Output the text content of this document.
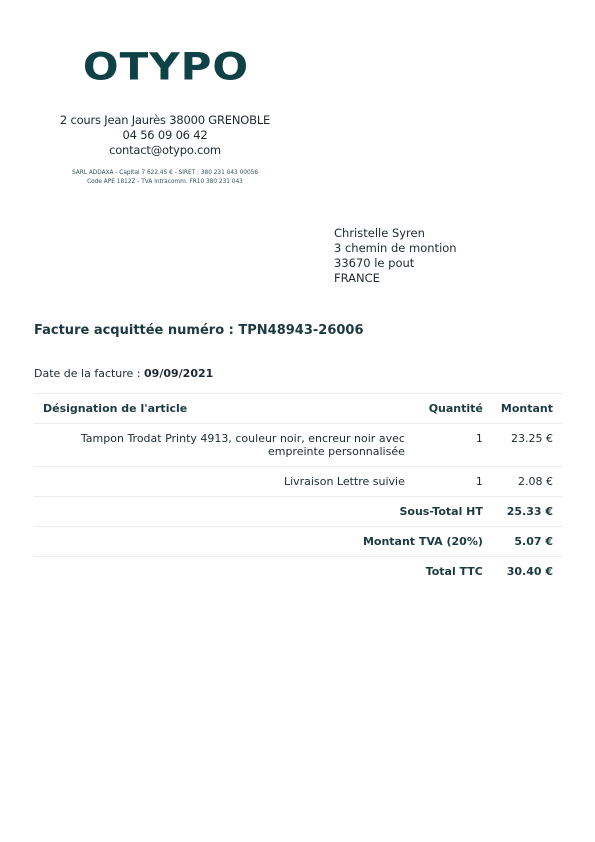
OTYPO
2 cours Jean Jaurès 38000 GRENOBLE
04 56 09 06 42
contact@otypo.com
SARL ADDAXA - Capital 7 622.45 € - SIRET : 380 231 043 00056
Code APE 1812Z - TVA intracomm. FR10 380 231 043
Christelle Syren
3 chemin de montion
33670 le pout
FRANCE
Facture acquittée numéro : TPN48943-26006
Date de la facture : 09/09/2021
Désignation de l'article	Quantité	Montant
Tampon Trodat Printy 4913, couleur noir, encreur noir avec empreinte personnalisée	1	23.25 €
Livraison Lettre suivie	1	2.08 €
Sous-Total HT		25.33 €
Montant TVA (20%)		5.07 €
Total TTC		30.40 €
